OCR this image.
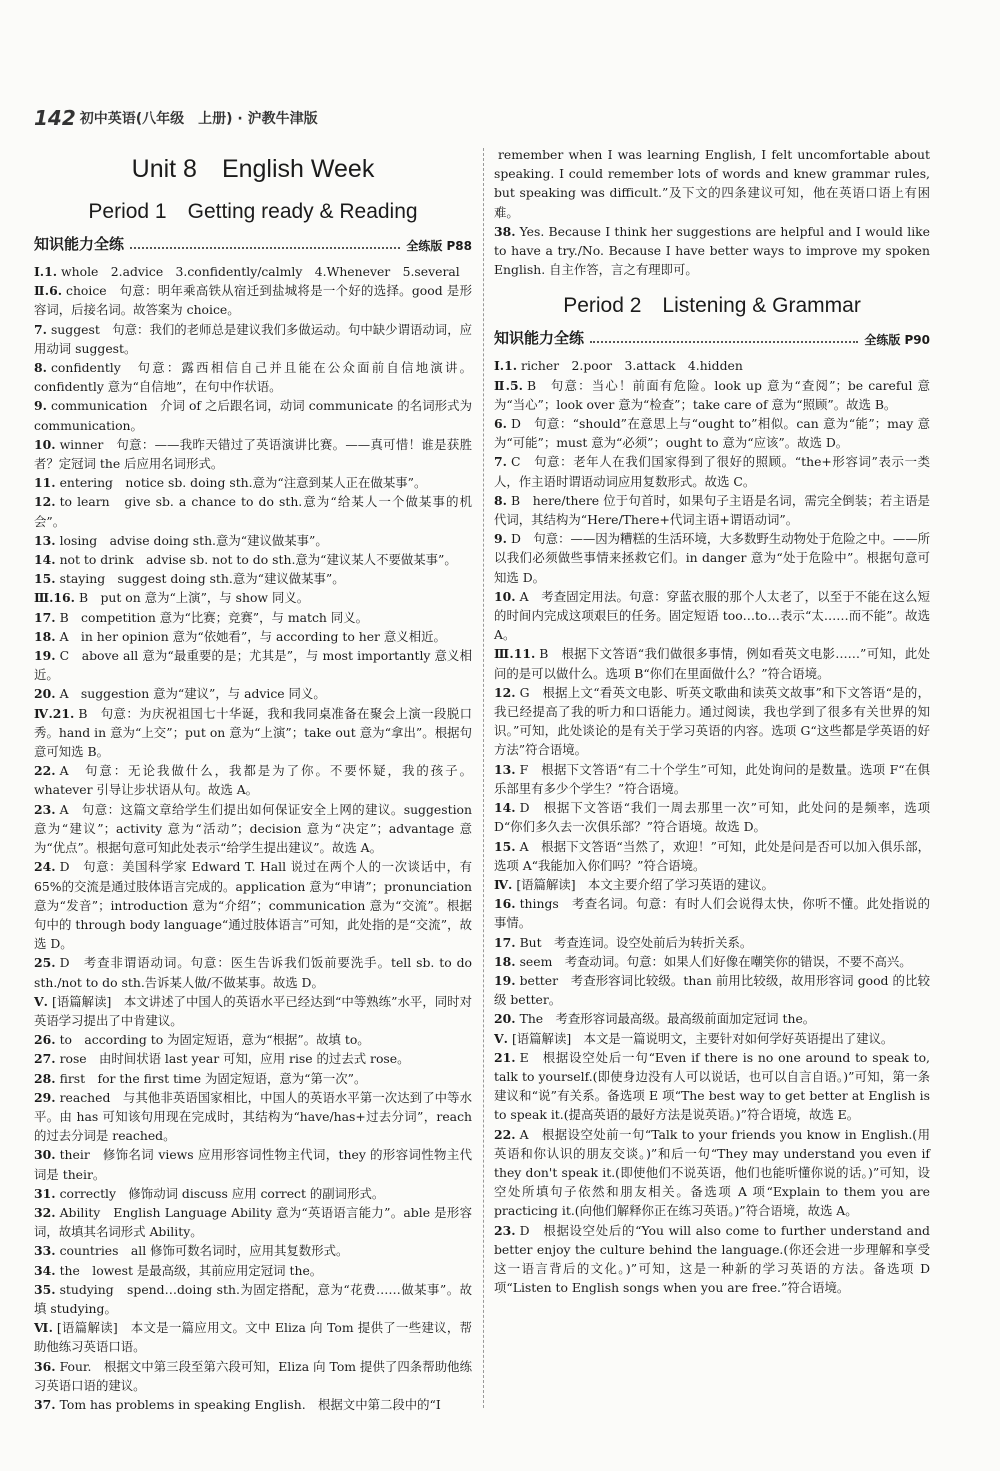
142 初中英语(八年级　上册) · 沪教牛津版
Unit 8　English Week
Period 1　Getting ready & Reading
知识能力全练	全练版 P88

Ⅰ.1. whole　2.advice　3.confidently/calmly　4.Whenever　5.several

Ⅱ.6. choice　句意：明年乘高铁从宿迁到盐城将是一个好的选择。good 是形容词，后接名词。故答案为 choice。

7. suggest　句意：我们的老师总是建议我们多做运动。句中缺少谓语动词，应用动词 suggest。

8. confidently　句意：露西相信自己并且能在公众面前自信地演讲。confidently 意为“自信地”，在句中作状语。

9. communication　介词 of 之后跟名词，动词 communicate 的名词形式为 communication。

10. winner　句意：——我昨天错过了英语演讲比赛。——真可惜！谁是获胜者？定冠词 the 后应用名词形式。

11. entering　notice sb. doing sth.意为“注意到某人正在做某事”。

12. to learn　give sb. a chance to do sth.意为“给某人一个做某事的机会”。

13. losing　advise doing sth.意为“建议做某事”。

14. not to drink　advise sb. not to do sth.意为“建议某人不要做某事”。

15. staying　suggest doing sth.意为“建议做某事”。

Ⅲ.16. B　put on 意为“上演”，与 show 同义。

17. B　competition 意为“比赛；竞赛”，与 match 同义。

18. A　in her opinion 意为“依她看”，与 according to her 意义相近。

19. C　above all 意为“最重要的是；尤其是”，与 most importantly 意义相近。

20. A　suggestion 意为“建议”，与 advice 同义。

Ⅳ.21. B　句意：为庆祝祖国七十华诞，我和我同桌准备在聚会上演一段脱口秀。hand in 意为“上交”；put on 意为“上演”；take out 意为“拿出”。根据句意可知选 B。

22. A　句意：无论我做什么，我都是为了你。不要怀疑，我的孩子。whatever 引导让步状语从句。故选 A。

23. A　句意：这篇文章给学生们提出如何保证安全上网的建议。suggestion 意为“建议”；activity 意为“活动”；decision 意为“决定”；advantage 意为“优点”。根据句意可知此处表示“给学生提出建议”。故选 A。

24. D　句意：美国科学家 Edward T. Hall 说过在两个人的一次谈话中，有 65%的交流是通过肢体语言完成的。application 意为“申请”；pronunciation 意为“发音”；introduction 意为“介绍”；communication 意为“交流”。根据句中的 through body language“通过肢体语言”可知，此处指的是“交流”，故选 D。

25. D　考查非谓语动词。句意：医生告诉我们饭前要洗手。tell sb. to do sth./not to do sth.告诉某人做/不做某事。故选 D。

Ⅴ. [语篇解读]　本文讲述了中国人的英语水平已经达到“中等熟练”水平，同时对英语学习提出了中肯建议。

26. to　according to 为固定短语，意为“根据”。故填 to。

27. rose　由时间状语 last year 可知，应用 rise 的过去式 rose。

28. first　for the first time 为固定短语，意为“第一次”。

29. reached　与其他非英语国家相比，中国人的英语水平第一次达到了中等水平。由 has 可知该句用现在完成时，其结构为“have/has+过去分词”，reach 的过去分词是 reached。

30. their　修饰名词 views 应用形容词性物主代词，they 的形容词性物主代词是 their。

31. correctly　修饰动词 discuss 应用 correct 的副词形式。

32. Ability　English Language Ability 意为“英语语言能力”。able 是形容词，故填其名词形式 Ability。

33. countries　all 修饰可数名词时，应用其复数形式。

34. the　lowest 是最高级，其前应用定冠词 the。

35. studying　spend…doing sth.为固定搭配，意为“花费……做某事”。故填 studying。

Ⅵ. [语篇解读]　本文是一篇应用文。文中 Eliza 向 Tom 提供了一些建议，帮助他练习英语口语。

36. Four.　根据文中第三段至第六段可知，Eliza 向 Tom 提供了四条帮助他练习英语口语的建议。

37. Tom has problems in speaking English.　根据文中第二段中的“I

remember when I was learning English, I felt uncomfortable about speaking. I could remember lots of words and knew grammar rules, but speaking was difficult.”及下文的四条建议可知，他在英语口语上有困难。

38. Yes. Because I think her suggestions are helpful and I would like to have a try./No. Because I have better ways to improve my spoken English. 自主作答，言之有理即可。

Period 2　Listening & Grammar
知识能力全练	全练版 P90

Ⅰ.1. richer　2.poor　3.attack　4.hidden

Ⅱ.5. B　句意：当心！前面有危险。look up 意为“查阅”；be careful 意为“当心”；look over 意为“检查”；take care of 意为“照顾”。故选 B。

6. D　句意：“should”在意思上与“ought to”相似。can 意为“能”；may 意为“可能”；must 意为“必须”；ought to 意为“应该”。故选 D。

7. C　句意：老年人在我们国家得到了很好的照顾。“the+形容词”表示一类人，作主语时谓语动词应用复数形式。故选 C。

8. B　here/there 位于句首时，如果句子主语是名词，需完全倒装；若主语是代词，其结构为“Here/There+代词主语+谓语动词”。

9. D　句意：——因为糟糕的生活环境，大多数野生动物处于危险之中。——所以我们必须做些事情来拯救它们。in danger 意为“处于危险中”。根据句意可知选 D。

10. A　考查固定用法。句意：穿蓝衣服的那个人太老了，以至于不能在这么短的时间内完成这项艰巨的任务。固定短语 too…to…表示“太……而不能”。故选 A。

Ⅲ.11. B　根据下文答语“我们做很多事情，例如看英文电影……”可知，此处问的是可以做什么。选项 B“你们在里面做什么？”符合语境。

12. G　根据上文“看英文电影、听英文歌曲和读英文故事”和下文答语“是的，我已经提高了我的听力和口语能力。通过阅读，我也学到了很多有关世界的知识。”可知，此处谈论的是有关于学习英语的内容。选项 G“这些都是学英语的好方法”符合语境。

13. F　根据下文答语“有二十个学生”可知，此处询问的是数量。选项 F“在俱乐部里有多少个学生？”符合语境。

14. D　根据下文答语“我们一周去那里一次”可知，此处问的是频率，选项 D“你们多久去一次俱乐部？”符合语境。故选 D。

15. A　根据下文答语“当然了，欢迎！”可知，此处是问是否可以加入俱乐部，选项 A“我能加入你们吗？”符合语境。

Ⅳ. [语篇解读]　本文主要介绍了学习英语的建议。

16. things　考查名词。句意：有时人们会说得太快，你听不懂。此处指说的事情。

17. But　考查连词。设空处前后为转折关系。

18. seem　考查动词。句意：如果人们好像在嘲笑你的错误，不要不高兴。

19. better　考查形容词比较级。than 前用比较级，故用形容词 good 的比较级 better。

20. The　考查形容词最高级。最高级前面加定冠词 the。

Ⅴ. [语篇解读]　本文是一篇说明文，主要针对如何学好英语提出了建议。

21. E　根据设空处后一句“Even if there is no one around to speak to, talk to yourself.(即使身边没有人可以说话，也可以自言自语。)”可知，第一条建议和“说”有关系。备选项 E 项“The best way to get better at English is to speak it.(提高英语的最好方法是说英语。)”符合语境，故选 E。

22. A　根据设空处前一句“Talk to your friends you know in English.(用英语和你认识的朋友交谈。)”和后一句“They may understand you even if they don't speak it.(即使他们不说英语，他们也能听懂你说的话。)”可知，设空处所填句子依然和朋友相关。备选项 A 项“Explain to them you are practicing it.(向他们解释你正在练习英语。)”符合语境，故选 A。

23. D　根据设空处后的“You will also come to further understand and better enjoy the culture behind the language.(你还会进一步理解和享受这一语言背后的文化。)”可知，这是一种新的学习英语的方法。备选项 D 项“Listen to English songs when you are free.”符合语境。
